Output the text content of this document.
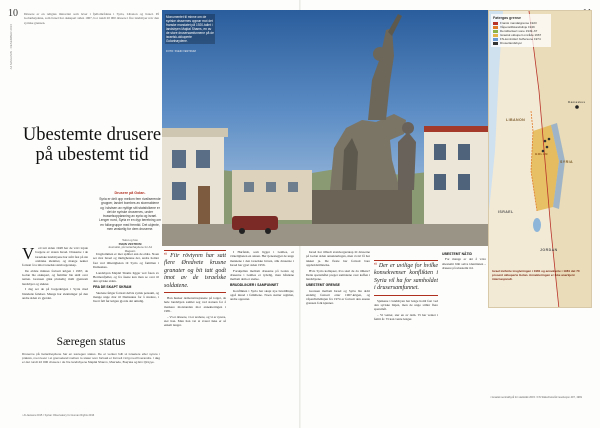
10
A4 MAGASIN · DESEMBER 2016

Drusere er en religiøs minoritet som lever i fjellområdene i Syria, Libanon og Israel. På Golanhøydene, som Israel har okkupert siden 1967, bor rundt 20 000 drusere i fire landsbyer nær den syriske grensen.

Ubestemte drusere på ubestemt tid
Drusere på Golan.
Syria er delt opp mellom fem rivaliserende grupper, landet bombes av stormaktene og i skvisen av nyttige sitt statsfolkene er det de syriske drusernes, under trusselsoppløsning av syria og israel. Lenger nord, Syria er en dyp beretning om en folkegruppe med fremtid. Det ukjente, men ønskelig for dem druserne.
Tekst og foto
SVEIN VESTRUM
Journalist, på Golanhøydene for A4 Magasin
V	ed tatt siden 1948 har de vært lojale borgere av staten Israel. Druserne i de israelske landsbyene har stått fast på sin arabiske identitet, og mange nekter fortsatt å ta imot israelsk statsborgerskap.

De eldste minnes fortsatt krigen i 1967, da Golan ble okkupert, og familier ble skilt over natten. Grensen gikk plutselig midt gjennom landsbyer og slekter.

I dag ser de på borgerkrigen i Syria med blandede følelser. Mange har slektninger på den andre siden av gjerdet.

Ungdommen er mer splittet enn de eldre. Noen ser mot Israel og mulighetene der, andre holder fast ved tilhørigheten til Syria og familien i Damaskus.

Landsbyen Majdal Shams ligger ved foten av Hermonfjellet, og fra åsene kan man se over til den syriske siden.

FRA DE SKAPT SKRAM

Skolene følger fortsatt delvis syrisk pensum, og mange unge drar til Damaskus for å studere, i hvert fall før krigen gjorde det umulig.

Særegen status
Druserne på Golanhøydene har en særegen status. De er verken fullt ut israelere eller syrere i praksis, men lever i et grenseland mellom to stater som fortsatt er formelt i krig med hverandre. I dag er det rundt 22 000 drusere i de fire landsbyene Majdal Shams, Mas'ade, Buq'ata og Ein Qiniyye.
¹ Al-Jazeera 2015 ² Syrian Observatory for Human Rights 2016
Monumentet til minne om de syriske drusernes opprør mot det franske mandatet på 1920-tallet i landsbyen Majdal Shams, en av de store drusersamfunnene på de israelsk-okkuperte Golanhøydene.
FOTO: SVEIN VESTRUM
“ Fiir rövtyren har satt flere Øredvete krusne granater og bit tatt godt imot av de israelske soldatene.

Han husker demonstrasjonene på torget, da hele landsbyen samlet seg ved statuen for å markere motstanden mot annekteringen i 1981.

– Vi er drusere, vi er arabere, og vi er syrere, sier han. Men han vet at svaret ikke er så enkelt lenger.

I Hurfeish, som ligger i Galilea, er virkeligheten en annen. Her tjenestegjør de unge mennene i den israelske hæren, slik druserne i Israel har gjort siden 1956.

Forskjellen mellom druserne på Golan og druserne i Galilea er tydelig, men båndene mellom dem er sterke.

BRUDDLINJER I SAMFUNNET

Konflikten i Syria har skapt nye bruddlinjer, også innad i familiene. Noen støtter regimet, andre opprøret.

Israel har tilbudt statsborgerskap til druserne på Golan siden annekteringen, men svært få har takket ja. De fleste har fortsatt bare oppholdstillatelse.

Hvis Syria kollapser, hva skal de da tilhøre? Dette spørsmålet preger samtalene over kaffen i landsbyene.

UBESTEMT GRENSE

Grensen mellom Israel og Syria ble aldri endelig fastsatt etter 1967-krigen, og våpenhvilelinjen fra 1974 er fortsatt den eneste grensen folk kjenner.

“ Der er uvilige for hvilke konsekvenser konflikten i Syria vil ha for samholdet i drusersamfunnet.

Sjeikene i landsbyen har lenge holdt fast ved den syriske linjen, men de unge stiller flere spørsmål.

– Vi venter, sier en av dem. Vi har ventet i femti år. Vi kan vente lenger.

UBESTEMT NÅTID

For mange er det å være ubestemt blitt selve identiteten – drusere på ubestemt tid.

Føtergas grense
Fransk mandatgrense 1923
Våpenstillstandslinje 1949
Demilitarisert sone 1949–67
Israelsk okkupert område 1967
FN-kontrollert buffersone 1974
Druserlandsbyer
LIBANON
SYRIA
GOLAN
Damaskus
ISRAEL
JORDAN
Israel innførte lovgivningen i 1981 og annekterte i 1981 det 70 prosent okkuperte Golan. Annekteringen er ikke anerkjent internasjonalt.
¹ Israelsk sentralbyrå for statistikk 2015 ² FN Sikkerhetsråd resolusjon 497, 1981
